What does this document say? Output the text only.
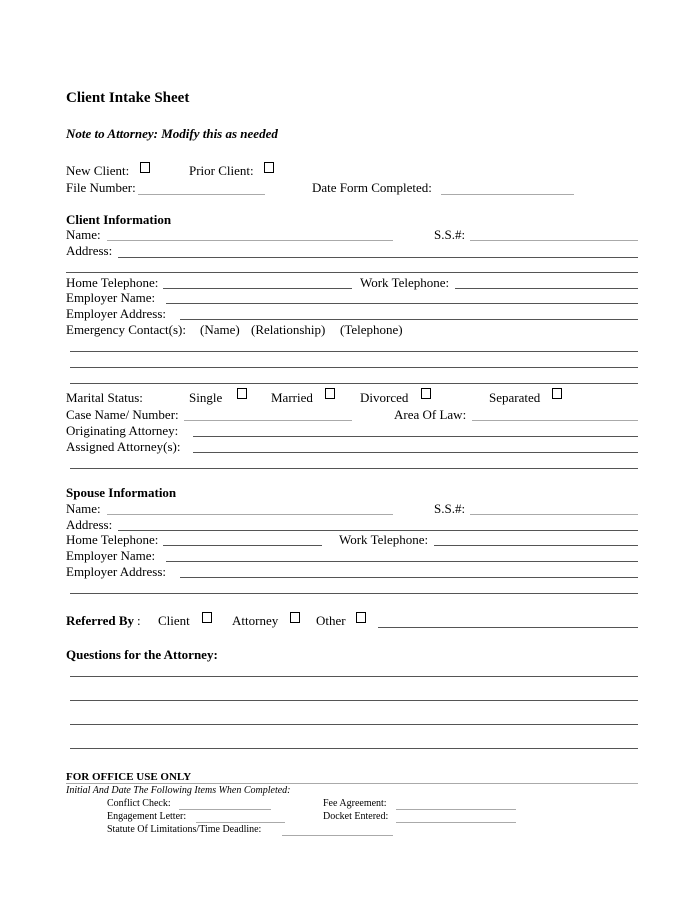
Client Intake Sheet
Note to Attorney: Modify this as needed
New Client:	Prior Client:
File Number:	Date Form Completed:
Client Information
Name:	S.S.#:
Address:
Home Telephone:	Work Telephone:
Employer Name:
Employer Address:
Emergency Contact(s): (Name) (Relationship) (Telephone)
Marital Status:	Single	Married	Divorced	Separated
Case Name/ Number:	Area Of Law:
Originating Attorney:
Assigned Attorney(s):
Spouse Information
Name:	S.S.#:
Address:
Home Telephone:	Work Telephone:
Employer Name:
Employer Address:
Referred By : Client	Attorney	Other
Questions for the Attorney:
FOR OFFICE USE ONLY
Initial And Date The Following Items When Completed:
Conflict Check:	Fee Agreement:
Engagement Letter:	Docket Entered:
Statute Of Limitations/Time Deadline:
